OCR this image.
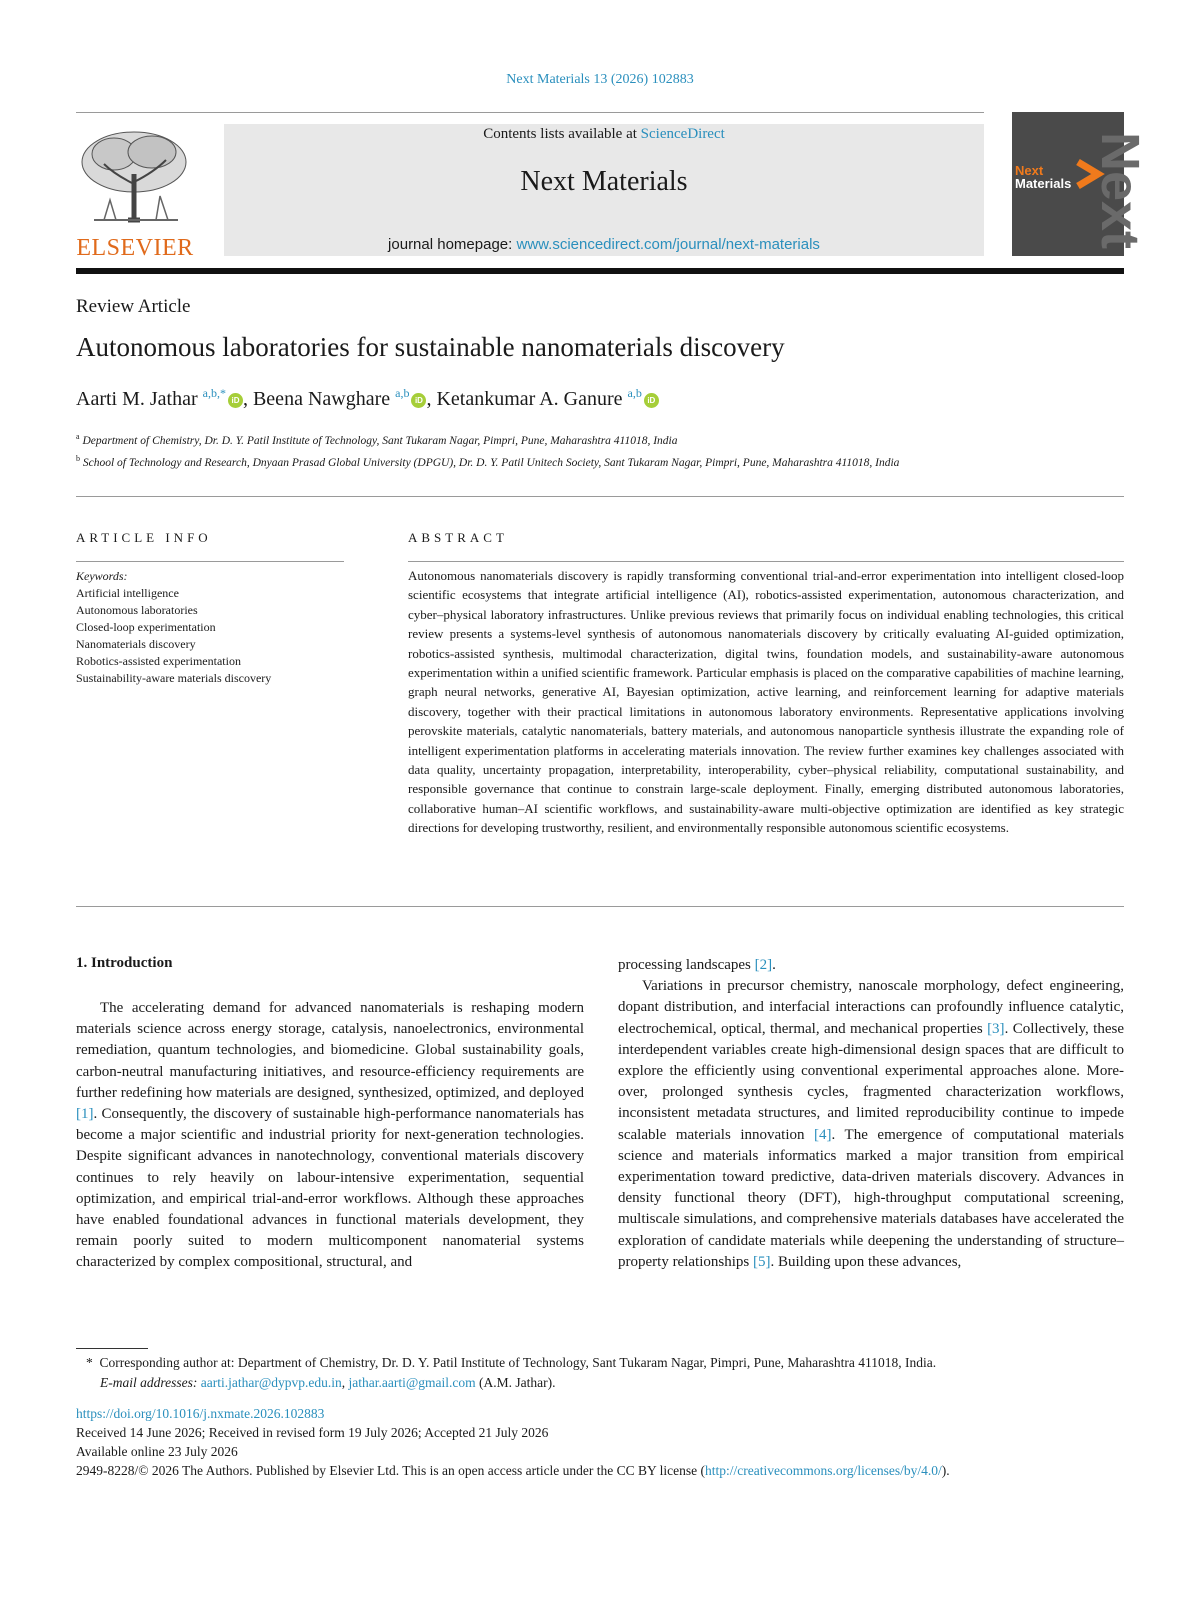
Next Materials 13 (2026) 102883
ELSEVIER
Contents lists available at ScienceDirect
Next Materials
journal homepage: www.sciencedirect.com/journal/next-materials	Next
Next
Materials
Review Article
Autonomous laboratories for sustainable nanomaterials discovery
Aarti M. Jathar $^{a,b,*}$iD , Beena Nawghare $^{a,b}$iD , Ketankumar A. Ganure $^{a,b}$iD
$^a$ Department of Chemistry, Dr. D. Y. Patil Institute of Technology, Sant Tukaram Nagar, Pimpri, Pune, Maharashtra 411018, India
$^b$ School of Technology and Research, Dnyaan Prasad Global University (DPGU), Dr. D. Y. Patil Unitech Society, Sant Tukaram Nagar, Pimpri, Pune, Maharashtra 411018, India
ARTICLE INFO	ABSTRACT
Keywords:
Artificial intelligence
Autonomous laboratories
Closed-loop experimentation
Nanomaterials discovery
Robotics-assisted experimentation
Sustainability-aware materials discovery
Autonomous nanomaterials discovery is rapidly transforming conventional trial-and-error experimentation into intelligent closed-loop scientific ecosystems that integrate artificial intelligence (AI), robotics-assisted experimentation, autonomous characterization, and cyber–physical laboratory infrastructures. Unlike previous reviews that primarily focus on individual enabling technologies, this critical review presents a systems-level synthesis of autonomous nanomaterials discovery by critically evaluating AI-guided optimization, robotics-assisted synthesis, multimodal characterization, digital twins, foundation models, and sustainability-aware autonomous experimentation within a unified scientific framework. Particular emphasis is placed on the comparative capabilities of machine learning, graph neural networks, generative AI, Bayesian optimization, active learning, and reinforcement learning for adaptive materials discovery, together with their practical limitations in autonomous laboratory environments. Representative applications involving perovskite materials, catalytic nanomaterials, battery materials, and autonomous nanoparticle synthesis illustrate the expanding role of intelligent experimentation platforms in accelerating materials innovation. The review further examines key challenges associated with data quality, uncertainty propagation, interpretability, interoperability, cyber–physical reliability, computational sustainability, and responsible governance that continue to constrain large-scale deployment. Finally, emerging distributed autonomous laboratories, collaborative human–AI scientific workflows, and sustainability-aware multi-objective optimization are identified as key strategic directions for developing trustworthy, resilient, and environmentally responsible autonomous scientific ecosystems.
1. Introduction

The accelerating demand for advanced nanomaterials is reshaping modern materials science across energy storage, catalysis, nanoelectronics, environmental remediation, quantum technologies, and biomedicine. Global sustainability goals, carbon-neutral manufacturing initiatives, and resource-efficiency requirements are further redefining how materials are designed, synthesized, optimized, and deployed [1]. Consequently, the discovery of sustainable high-performance nanomaterials has become a major scientific and industrial priority for next-generation technologies. Despite significant advances in nanotechnology, conventional materials discovery continues to rely heavily on labour-intensive experimentation, sequential optimization, and empirical trial-and-error workflows. Although these approaches have enabled foundational advances in functional materials development, they remain poorly suited to modern multicomponent nanomaterial systems characterized by complex compositional, structural, and

processing landscapes [2].

Variations in precursor chemistry, nanoscale morphology, defect engineering, dopant distribution, and interfacial interactions can profoundly influence catalytic, electrochemical, optical, thermal, and mechanical properties [3]. Collectively, these interdependent variables create high-dimensional design spaces that are difficult to explore the efficiently using conventional experimental approaches alone. Moreover, prolonged synthesis cycles, fragmented characterization workflows, inconsistent metadata structures, and limited reproducibility continue to impede scalable materials innovation [4]. The emergence of computational materials science and materials informatics marked a major transition from empirical experimentation toward predictive, data-driven materials discovery. Advances in density functional theory (DFT), high-throughput computational screening, multiscale simulations, and comprehensive materials databases have accelerated the exploration of candidate materials while deepening the understanding of structure–property relationships [5]. Building upon these advances,

* Corresponding author at: Department of Chemistry, Dr. D. Y. Patil Institute of Technology, Sant Tukaram Nagar, Pimpri, Pune, Maharashtra 411018, India.
E-mail addresses: aarti.jathar@dypvp.edu.in, jathar.aarti@gmail.com (A.M. Jathar).
https://doi.org/10.1016/j.nxmate.2026.102883
Received 14 June 2026; Received in revised form 19 July 2026; Accepted 21 July 2026
Available online 23 July 2026
2949-8228/© 2026 The Authors. Published by Elsevier Ltd. This is an open access article under the CC BY license (http://creativecommons.org/licenses/by/4.0/).
